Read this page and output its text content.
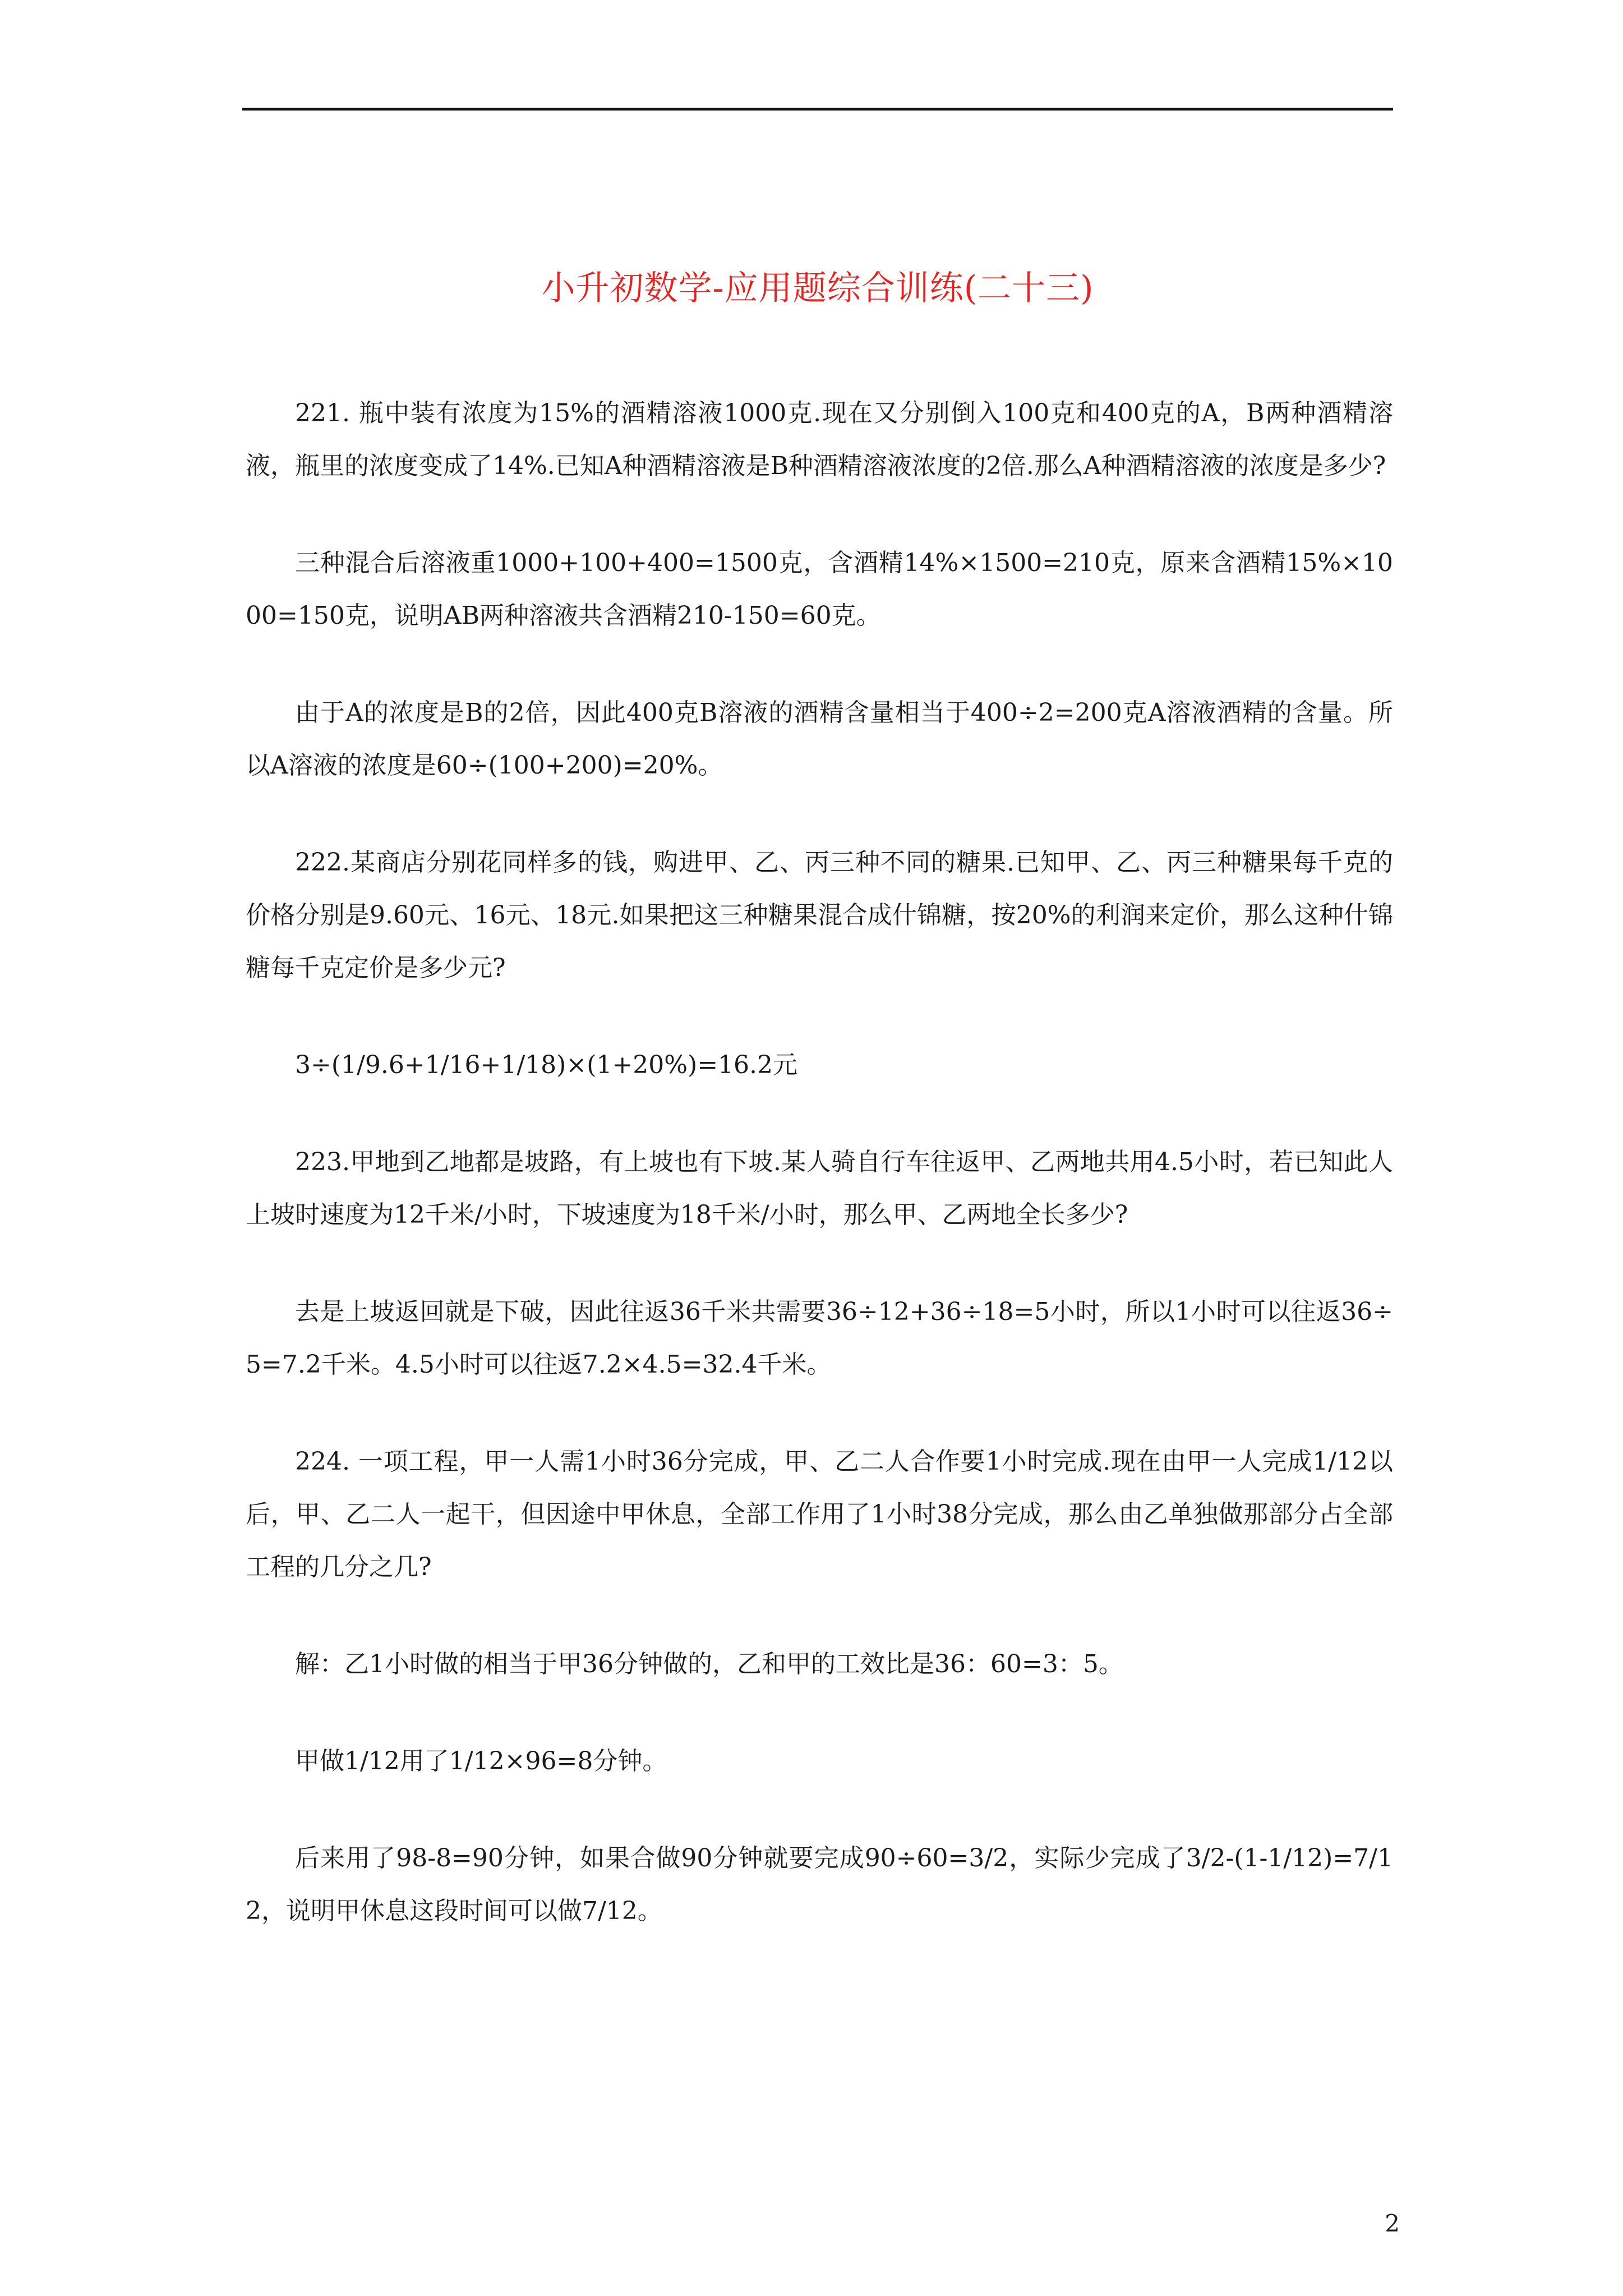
小升初数学-应用题综合训练(二十三)

221. 瓶中装有浓度为15%的酒精溶液1000克.现在又分别倒入100克和400克的A，B两种酒精溶液，瓶里的浓度变成了14%.已知A种酒精溶液是B种酒精溶液浓度的2倍.那么A种酒精溶液的浓度是多少?

三种混合后溶液重1000+100+400=1500克，含酒精14%×1500=210克，原来含酒精15%×1000=150克，说明AB两种溶液共含酒精210-150=60克。

由于A的浓度是B的2倍，因此400克B溶液的酒精含量相当于400÷2=200克A溶液酒精的含量。所以A溶液的浓度是60÷(100+200)=20%。

222.某商店分别花同样多的钱，购进甲、乙、丙三种不同的糖果.已知甲、乙、丙三种糖果每千克的价格分别是9.60元、16元、18元.如果把这三种糖果混合成什锦糖，按20%的利润来定价，那么这种什锦糖每千克定价是多少元?

3÷(1/9.6+1/16+1/18)×(1+20%)=16.2元

223.甲地到乙地都是坡路，有上坡也有下坡.某人骑自行车往返甲、乙两地共用4.5小时，若已知此人上坡时速度为12千米/小时，下坡速度为18千米/小时，那么甲、乙两地全长多少?

去是上坡返回就是下破，因此往返36千米共需要36÷12+36÷18=5小时，所以1小时可以往返36÷5=7.2千米。4.5小时可以往返7.2×4.5=32.4千米。

224. 一项工程，甲一人需1小时36分完成，甲、乙二人合作要1小时完成.现在由甲一人完成1/12以后，甲、乙二人一起干，但因途中甲休息，全部工作用了1小时38分完成，那么由乙单独做那部分占全部工程的几分之几?

解：乙1小时做的相当于甲36分钟做的，乙和甲的工效比是36：60=3：5。

甲做1/12用了1/12×96=8分钟。

后来用了98-8=90分钟，如果合做90分钟就要完成90÷60=3/2，实际少完成了3/2-(1-1/12)=7/12，说明甲休息这段时间可以做7/12。

2
